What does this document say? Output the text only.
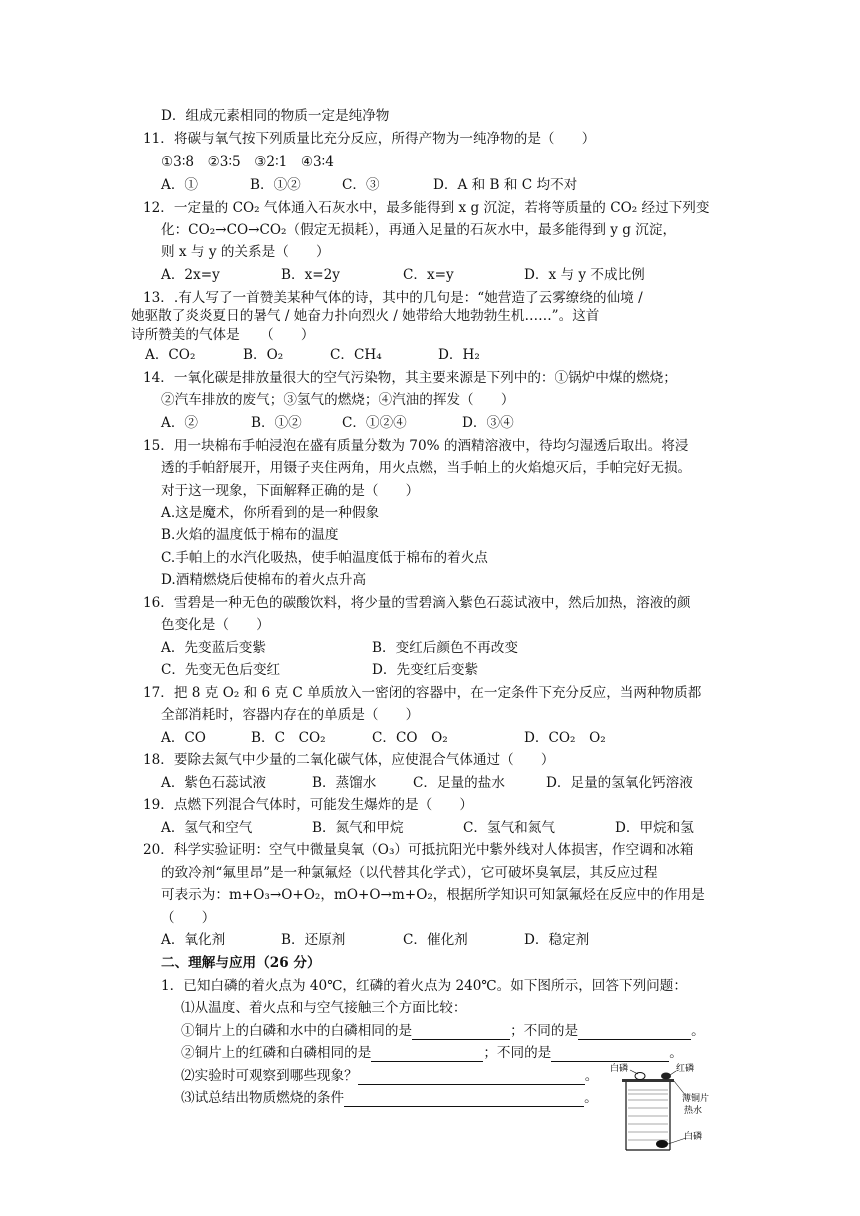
D．组成元素相同的物质一定是纯净物
11．将碳与氧气按下列质量比充分反应，所得产物为一纯净物的是（　　）
①3∶8　②3∶5　③2∶1　④3∶4
A．①	B．①②	C．③	D．A 和 B 和 C 均不对
12．一定量的 CO₂ 气体通入石灰水中，最多能得到 x g 沉淀，若将等质量的 CO₂ 经过下列变
化：CO₂→CO→CO₂（假定无损耗），再通入足量的石灰水中，最多能得到 y g 沉淀，
则 x 与 y 的关系是（　　）
A．2x=y	B．x=2y	C．x=y	D．x 与 y 不成比例
13．.有人写了一首赞美某种气体的诗，其中的几句是：“她营造了云雾缭绕的仙境 /
她驱散了炎炎夏日的暑气 / 她奋力扑向烈火 / 她带给大地勃勃生机……”。这首
诗所赞美的气体是　　（　　）
A．CO₂	B．O₂	C．CH₄	D．H₂
14．一氧化碳是排放量很大的空气污染物，其主要来源是下列中的：①锅炉中煤的燃烧；
②汽车排放的废气；③氢气的燃烧；④汽油的挥发（　　）
A．②	B．①②	C．①②④	D．③④
15．用一块棉布手帕浸泡在盛有质量分数为 70% 的酒精溶液中，待均匀湿透后取出。将浸
透的手帕舒展开，用镊子夹住两角，用火点燃，当手帕上的火焰熄灭后，手帕完好无损。
对于这一现象，下面解释正确的是（　　）
A.这是魔术，你所看到的是一种假象
B.火焰的温度低于棉布的温度
C.手帕上的水汽化吸热，使手帕温度低于棉布的着火点
D.酒精燃烧后使棉布的着火点升高
16．雪碧是一种无色的碳酸饮料，将少量的雪碧滴入紫色石蕊试液中，然后加热，溶液的颜
色变化是（　　）
A．先变蓝后变紫	B．变红后颜色不再改变
C．先变无色后变红	D．先变红后变紫
17．把 8 克 O₂ 和 6 克 C 单质放入一密闭的容器中，在一定条件下充分反应，当两种物质都
全部消耗时，容器内存在的单质是（　　）
A．CO	B．C　CO₂	C．CO　O₂	D．CO₂　O₂
18．要除去氮气中少量的二氧化碳气体，应使混合气体通过（　　）
A．紫色石蕊试液	B．蒸馏水	C．足量的盐水	D．足量的氢氧化钙溶液
19．点燃下列混合气体时，可能发生爆炸的是（　　）
A．氢气和空气	B．氮气和甲烷	C．氢气和氮气	D．甲烷和氢
20．科学实验证明：空气中微量臭氧（O₃）可抵抗阳光中紫外线对人体损害，作空调和冰箱
的致冷剂“氟里昂”是一种氯氟烃（以代替其化学式），它可破坏臭氧层，其反应过程
可表示为：m+O₃→O+O₂，mO+O→m+O₂，根据所学知识可知氯氟烃在反应中的作用是
（　　）
A．氧化剂	B．还原剂	C．催化剂	D．稳定剂
二、理解与应用（26 分）
1．已知白磷的着火点为 40℃，红磷的着火点为 240℃。如下图所示，回答下列问题：
⑴从温度、着火点和与空气接触三个方面比较：
①铜片上的白磷和水中的白磷相同的是	；不同的是	。
②铜片上的红磷和白磷相同的是	；不同的是	。
⑵实验时可观察到哪些现象？	。
⑶试总结出物质燃烧的条件	。
白磷	红磷
薄铜片
热水
白磷
